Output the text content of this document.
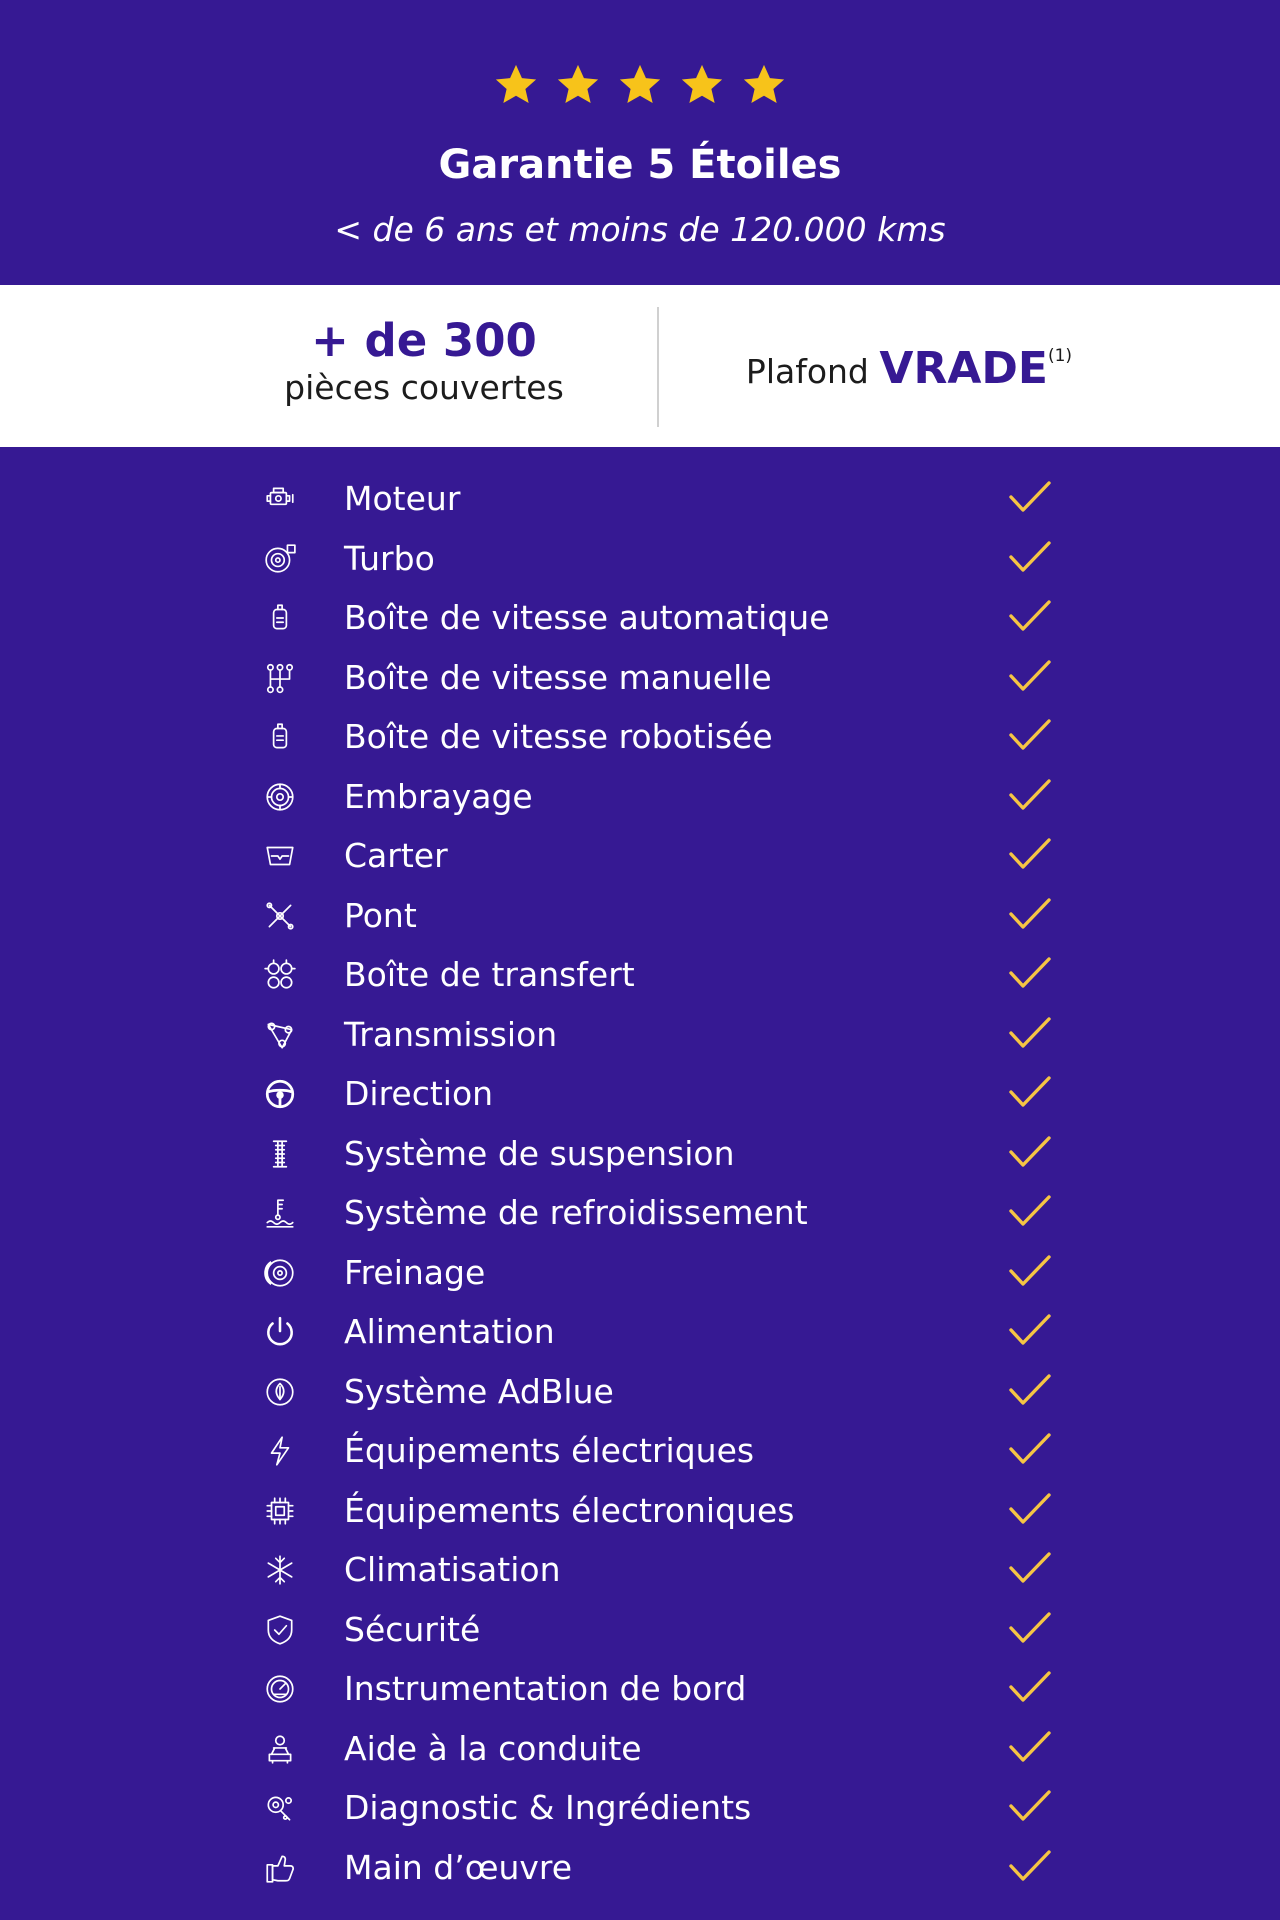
Garantie 5 Étoiles
< de 6 ans et moins de 120.000 kms
+ de 300
pièces couvertes	Plafond VRADE$^{(1)}$
Moteur
Turbo
Boîte de vitesse automatique
Boîte de vitesse manuelle
Boîte de vitesse robotisée
Embrayage
Carter
Pont
Boîte de transfert
Transmission
Direction
Système de suspension
Système de refroidissement
Freinage
Alimentation
Système AdBlue
Équipements électriques
Équipements électroniques
Climatisation
Sécurité
Instrumentation de bord
Aide à la conduite
Diagnostic & Ingrédients
Main d’œuvre
